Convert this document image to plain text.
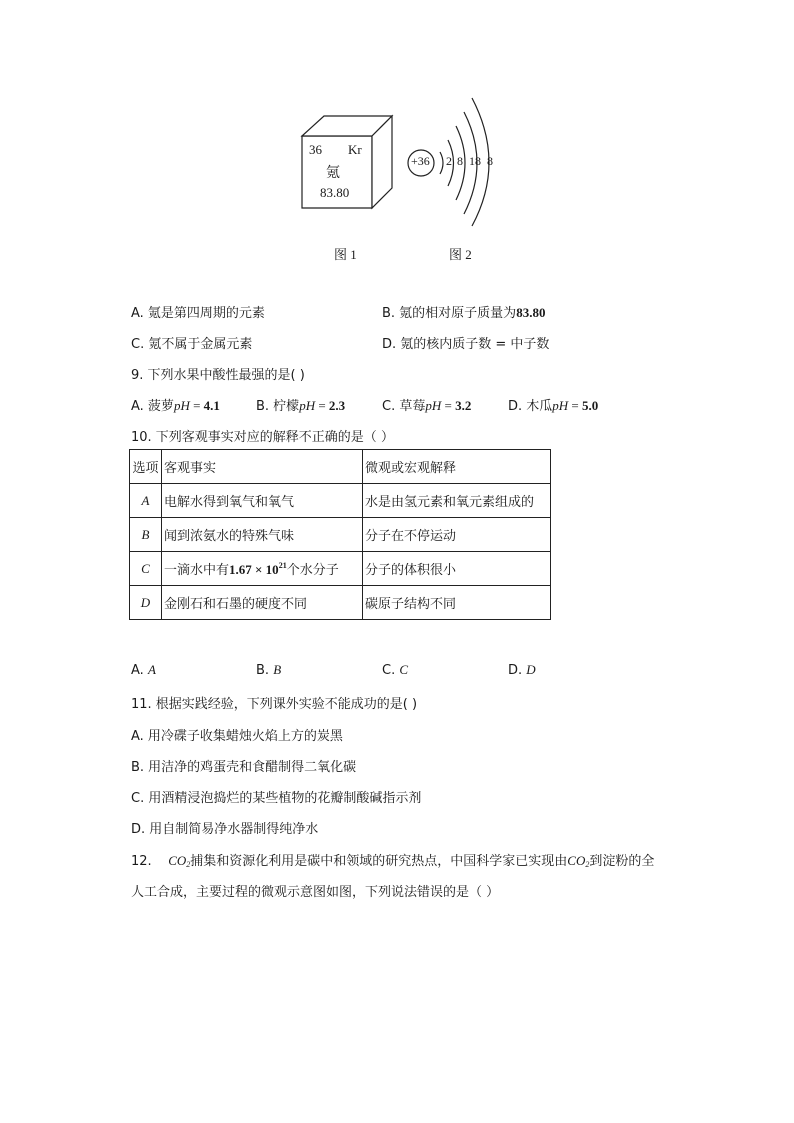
36 Kr
氪
83.80
+36 2 8 18 8
图 1	图 2
A. 氪是第四周期的元素	B. 氪的相对原子质量为83.80
C. 氪不属于金属元素	D. 氪的核内质子数 = 中子数
9. 下列水果中酸性最强的是( )
A. 菠萝pH = 4.1	B. 柠檬pH = 2.3	C. 草莓pH = 3.2	D. 木瓜pH = 5.0
10. 下列客观事实对应的解释不正确的是（ ）
选项	客观事实	微观或宏观解释
A	电解水得到氧气和氧气	水是由氢元素和氧元素组成的
B	闻到浓氨水的特殊气味	分子在不停运动
C	一滴水中有$1.67 \times 10^{21}$个水分子	分子的体积很小
D	金刚石和石墨的硬度不同	碳原子结构不同
A. A	B. B	C. C	D. D
11. 根据实践经验，下列课外实验不能成功的是( )
A. 用冷碟子收集蜡烛火焰上方的炭黑
B. 用洁净的鸡蛋壳和食醋制得二氧化碳
C. 用酒精浸泡捣烂的某些植物的花瓣制酸碱指示剂
D. 用自制简易净水器制得纯净水
12. $CO_2$捕集和资源化利用是碳中和领域的研究热点，中国科学家已实现由$CO_2$到淀粉的全
人工合成，主要过程的微观示意图如图，下列说法错误的是（ ）
